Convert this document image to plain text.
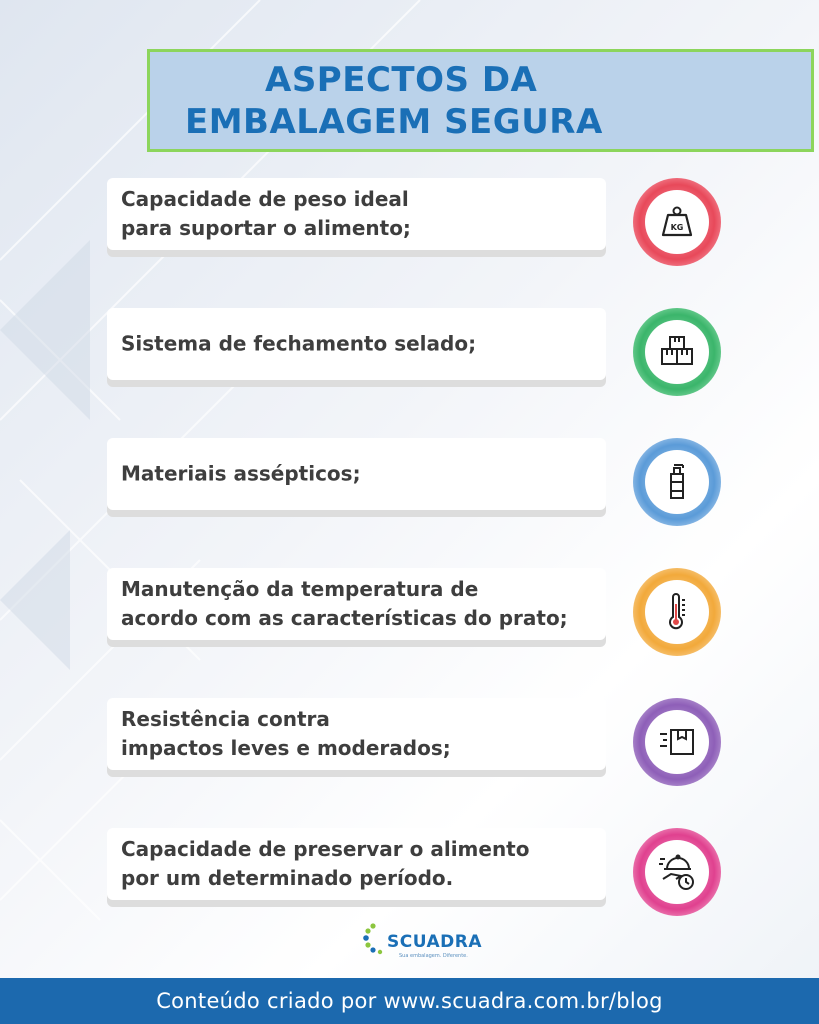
ASPECTOS DA
EMBALAGEM SEGURA
Capacidade de peso ideal
para suportar o alimento;	KG
Sistema de fechamento selado;
Materiais assépticos;
Manutenção da temperatura de
acordo com as características do prato;
Resistência contra
impactos leves e moderados;
Capacidade de preservar o alimento
por um determinado período.
SCUADRA
Sua embalagem. Diferente.
Conteúdo criado por www.scuadra.com.br/blog
